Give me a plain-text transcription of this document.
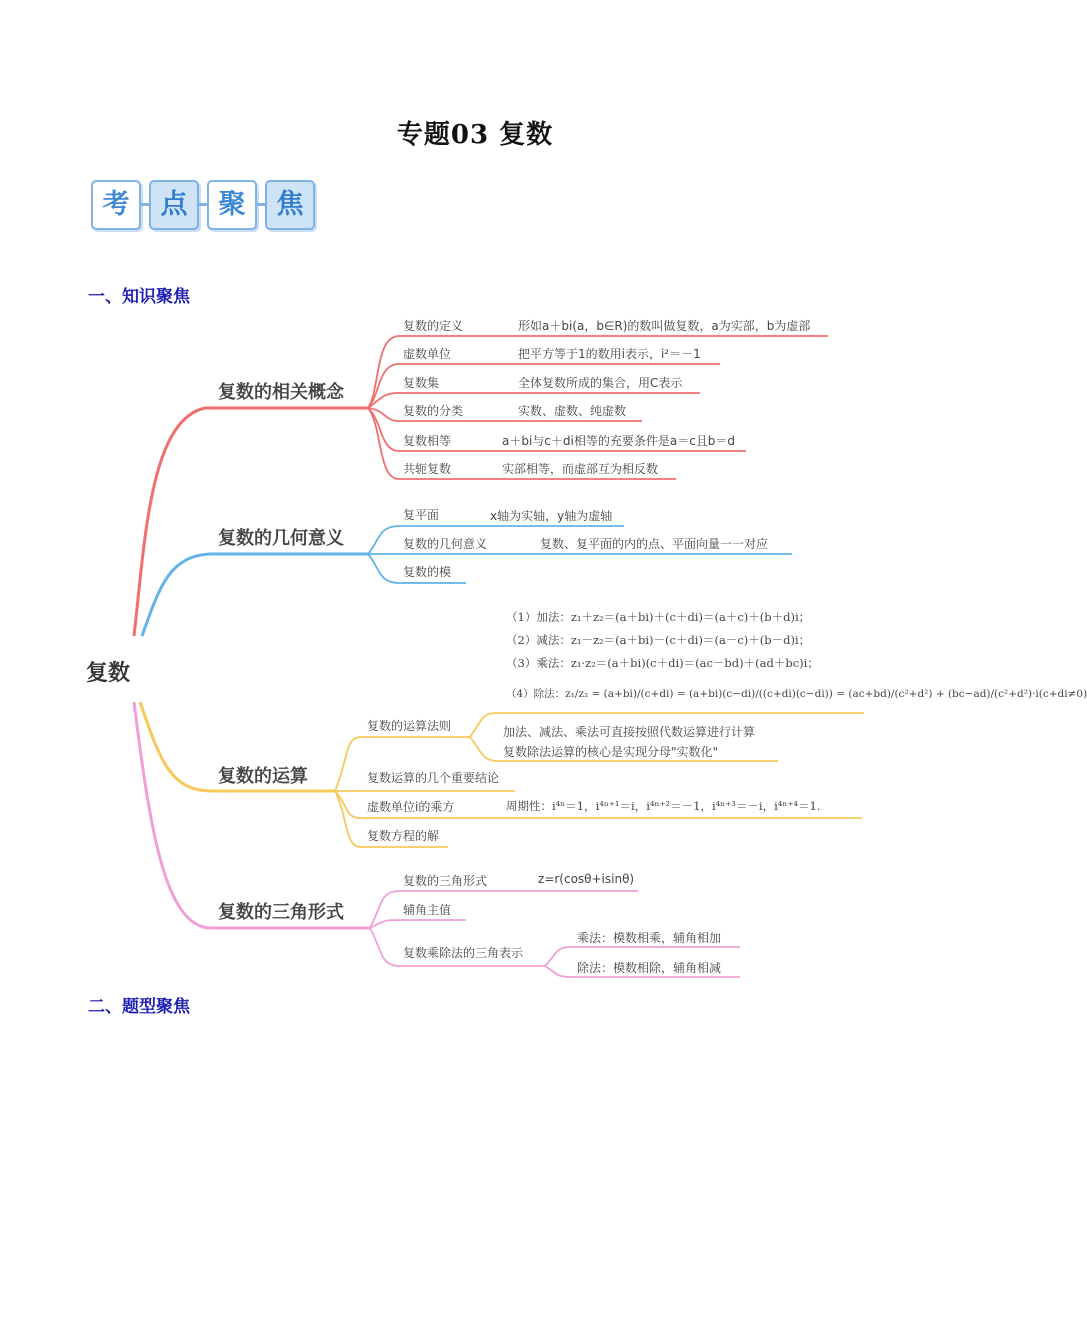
专题03 复数
考	点	聚	焦
一、知识聚焦
二、题型聚焦
复数
复数的相关概念
复数的定义	形如a＋bi(a，b∈R)的数叫做复数，a为实部，b为虚部
虚数单位	把平方等于1的数用i表示，i²＝－1
复数集	全体复数所成的集合，用C表示
复数的分类	实数、虚数、纯虚数
复数相等	a＋bi与c＋di相等的充要条件是a＝c且b＝d
共轭复数	实部相等，而虚部互为相反数
复数的几何意义
复平面	x轴为实轴，y轴为虚轴
复数的几何意义	复数、复平面的内的点、平面向量一一对应
复数的模
复数的运算
复数的运算法则
（1）加法：z₁＋z₂＝(a＋bi)＋(c＋di)＝(a＋c)＋(b＋d)i；
（2）减法：z₁－z₂＝(a＋bi)－(c＋di)＝(a－c)＋(b－d)i；
（3）乘法：z₁·z₂＝(a＋bi)(c＋di)＝(ac－bd)＋(ad＋bc)i；
（4）除法：z₁/z₂ = (a+bi)/(c+di) = (a+bi)(c−di)/((c+di)(c−di)) = (ac+bd)/(c²+d²) + (bc−ad)/(c²+d²)·i(c+di≠0)
加法、减法、乘法可直接按照代数运算进行计算
复数除法运算的核心是实现分母"实数化"
复数运算的几个重要结论
虚数单位i的乘方	周期性：i⁴ⁿ＝1，i⁴ⁿ⁺¹＝i，i⁴ⁿ⁺²＝－1，i⁴ⁿ⁺³＝－i，i⁴ⁿ⁺⁴＝1.
复数方程的解
复数的三角形式
复数的三角形式	z=r(cosθ+isinθ)
辅角主值
复数乘除法的三角表示
乘法：模数相乘，辅角相加
除法：模数相除，辅角相减
